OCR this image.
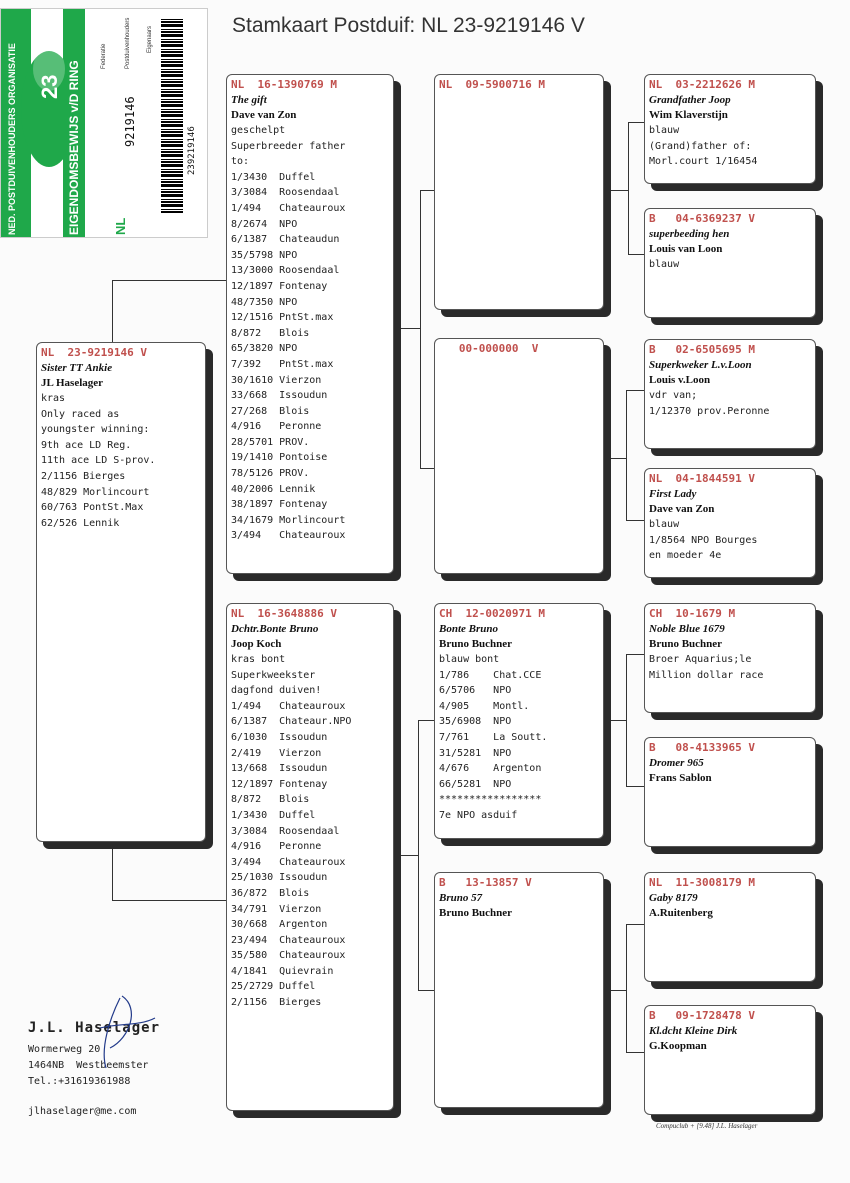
Stamkaart Postduif: NL 23-9219146 V
NED. POSTDUIVENHOUDERS ORGANISATIE 20
23 EIGENDOMSBEWIJS v/D RING NL
9219146
Federatie	Postduivenhouders	Eigenaars
239219146
NL  23-9219146 V
Sister TT Ankie
JL Haselager
kras
Only raced as
youngster winning:
9th ace LD Reg.
11th ace LD S-prov.
2/1156 Bierges
48/829 Morlincourt
60/763 PontSt.Max
62/526 Lennik
NL  16-1390769 M
The gift
Dave van Zon
geschelpt
Superbreeder father
to:
1/3430  Duffel
3/3084  Roosendaal
1/494   Chateauroux
8/2674  NPO
6/1387  Chateaudun
35/5798 NPO
13/3000 Roosendaal
12/1897 Fontenay
48/7350 NPO
12/1516 PntSt.max
8/872   Blois
65/3820 NPO
7/392   PntSt.max
30/1610 Vierzon
33/668  Issoudun
27/268  Blois
4/916   Peronne
28/5701 PROV.
19/1410 Pontoise
78/5126 PROV.
40/2006 Lennik
38/1897 Fontenay
34/1679 Morlincourt
3/494   Chateauroux
NL  16-3648886 V
Dchtr.Bonte Bruno
Joop Koch
kras bont
Superkweekster
dagfond duiven!
1/494   Chateauroux
6/1387  Chateaur.NPO
6/1030  Issoudun
2/419   Vierzon
13/668  Issoudun
12/1897 Fontenay
8/872   Blois
1/3430  Duffel
3/3084  Roosendaal
4/916   Peronne
3/494   Chateauroux
25/1030 Issoudun
36/872  Blois
34/791  Vierzon
30/668  Argenton
23/494  Chateauroux
35/580  Chateauroux
4/1841  Quievrain
25/2729 Duffel
2/1156  Bierges
NL  09-5900716 M
00-000000  V
CH  12-0020971 M
Bonte Bruno
Bruno Buchner
blauw bont
1/786    Chat.CCE
6/5706   NPO
4/905    Montl.
35/6908  NPO
7/761    La Soutt.
31/5281  NPO
4/676    Argenton
66/5281  NPO
*****************
7e NPO asduif
B   13-13857 V
Bruno 57
Bruno Buchner
NL  03-2212626 M
Grandfather Joop
Wim Klaverstijn
blauw
(Grand)father of:
Morl.court 1/16454
B   04-6369237 V
superbeeding hen
Louis van Loon
blauw
B   02-6505695 M
Superkweker L.v.Loon
Louis v.Loon
vdr van;
1/12370 prov.Peronne
NL  04-1844591 V
First Lady
Dave van Zon
blauw
1/8564 NPO Bourges
en moeder 4e
CH  10-1679 M
Noble Blue 1679
Bruno Buchner
Broer Aquarius;le
Million dollar race
B   08-4133965 V
Dromer 965
Frans Sablon
NL  11-3008179 M
Gaby 8179
A.Ruitenberg
B   09-1728478 V
Kl.dcht Kleine Dirk
G.Koopman
J.L. Haselager
Wormerweg 20
1464NB  Westbeemster
Tel.:+31619361988
jlhaselager@me.com
Compuclub + [9.48] J.L. Haselager
